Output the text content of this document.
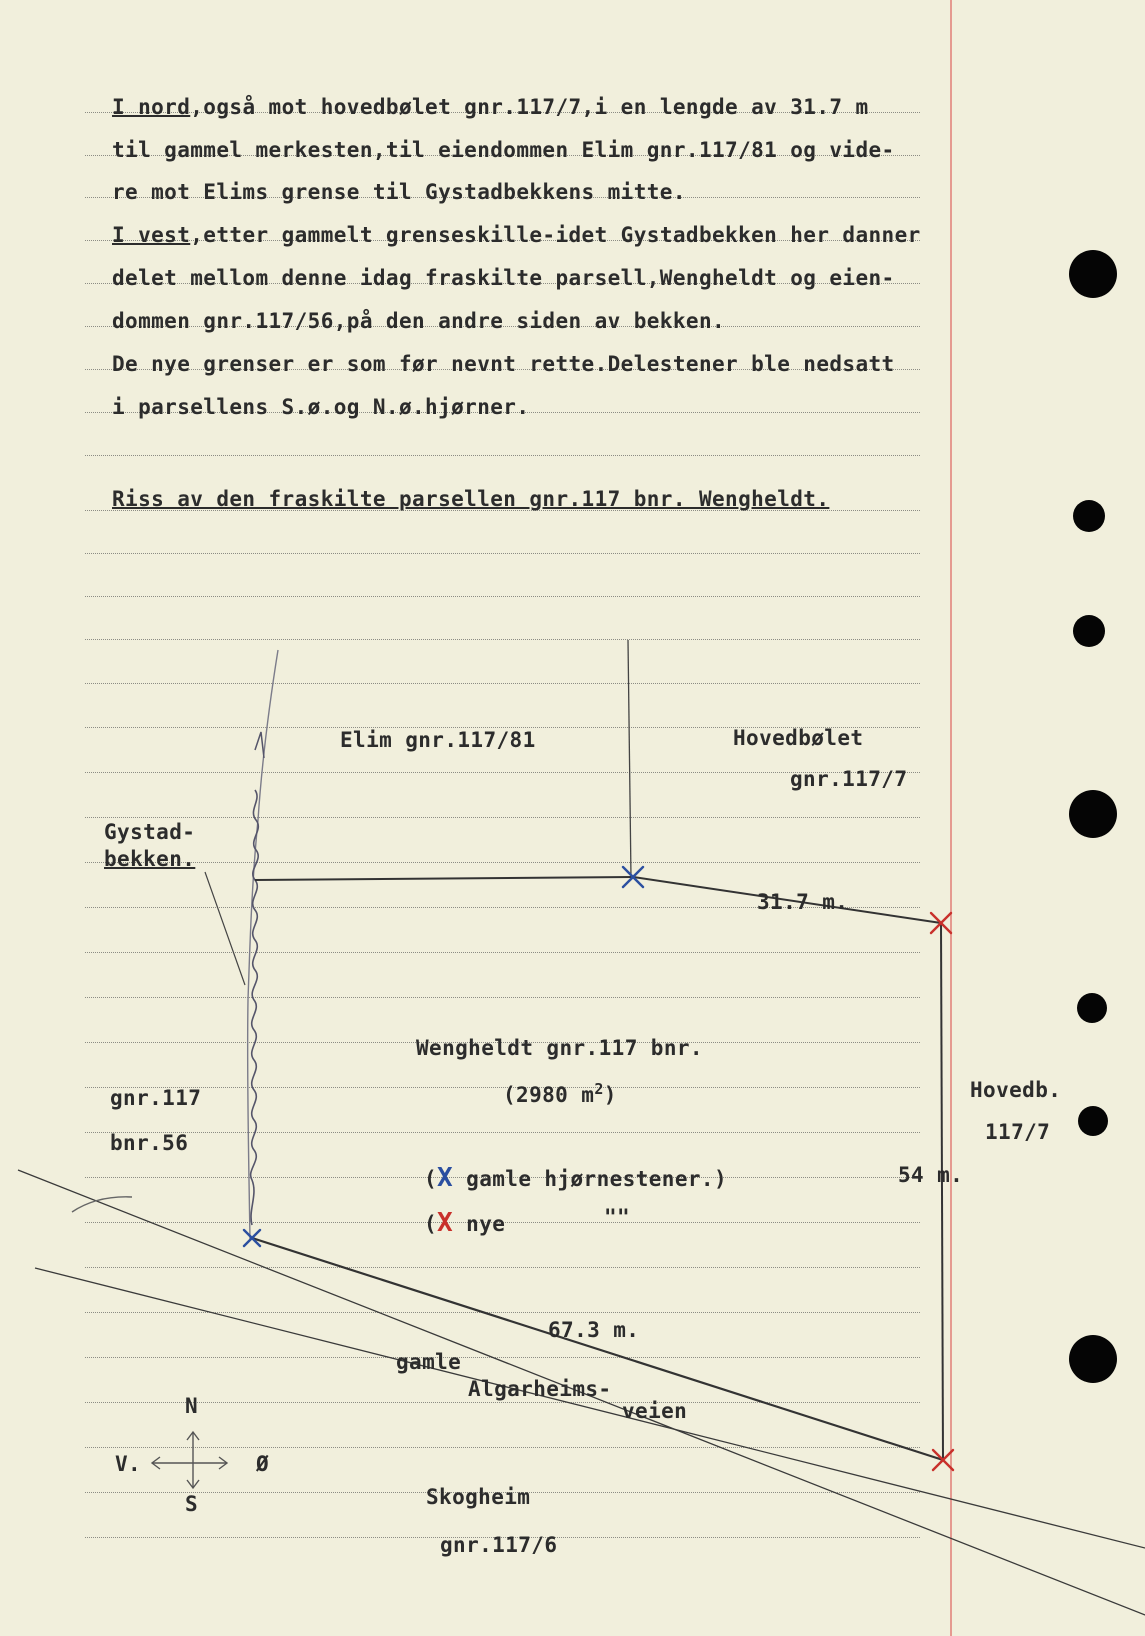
I nord,også mot hovedbølet gnr.117/7,i en lengde av 31.7 m
til gammel merkesten,til eiendommen Elim gnr.117/81 og vide-
re mot Elims grense til Gystadbekkens mitte.
I vest,etter gammelt grenseskille-idet Gystadbekken her danner
delet mellom denne idag fraskilte parsell,Wengheldt og eien-
dommen gnr.117/56,på den andre siden av bekken.
De nye grenser er som før nevnt rette.Delestener ble nedsatt
i parsellens S.ø.og N.ø.hjørner.
Riss av den fraskilte parsellen gnr.117 bnr. Wengheldt.
Elim gnr.117/81	Hovedbølet
gnr.117/7
Gystad-
bekken.
31.7 m.
Wengheldt gnr.117 bnr.
(2980 $m^2$)
gnr.117
bnr.56
Hovedb.
117/7
(X gamle hjørnestener.)	54 m.
(X nye	""
67.3 m.
gamle
Algarheims-
veien
N
V.	Ø
S	Skogheim
gnr.117/6
